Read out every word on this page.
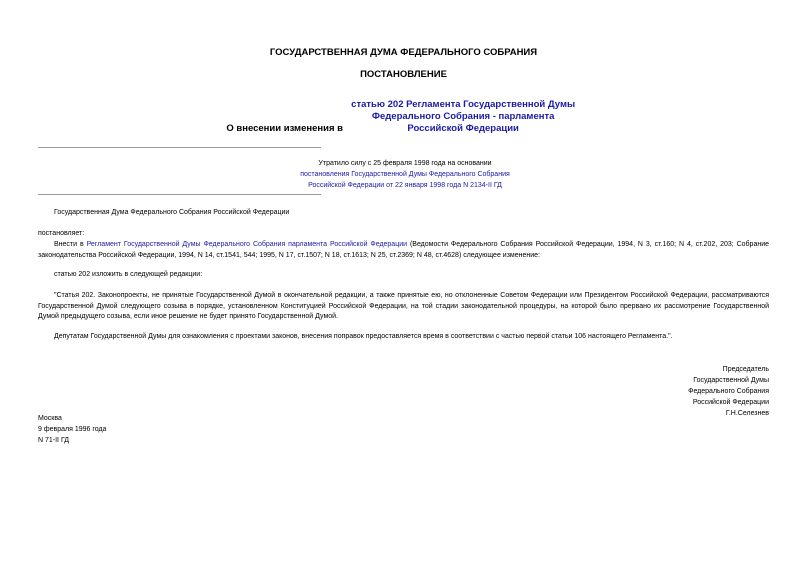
ГОСУДАРСТВЕННАЯ ДУМА ФЕДЕРАЛЬНОГО СОБРАНИЯ
ПОСТАНОВЛЕНИЕ
О внесении изменения в статью 202 Регламента Государственной Думы Федерального Собрания - парламента Российской Федерации
Утратило силу с 25 февраля 1998 года на основании
постановления Государственной Думы Федерального Собрания Российской Федерации от 22 января 1998 года N 2134-II ГД
Государственная Дума Федерального Собрания Российской Федерации
постановляет:
Внести в Регламент Государственной Думы Федерального Собрания парламента Российской Федерации (Ведомости Федерального Собрания Российской Федерации, 1994, N 3, ст.160; N 4, ст.202, 203; Собрание законодательства Российской Федерации, 1994, N 14, ст.1541, 544; 1995, N 17, ст.1507; N 18, ст.1613; N 25, ст.2369; N 48, ст.4628) следующее изменение:
статью 202 изложить в следующей редакции:
"Статья 202. Законопроекты, не принятые Государственной Думой в окончательной редакции, а также принятые ею, но отклоненные Советом Федерации или Президентом Российской Федерации, рассматриваются Государственной Думой следующего созыва в порядке, установленном Конституцией Российской Федерации, на той стадии законодательной процедуры, на которой было прервано их рассмотрение Государственной Думой предыдущего созыва, если иное решение не будет принято Государственной Думой.
Депутатам Государственной Думы для ознакомления с проектами законов, внесения поправок предоставляется время в соответствии с частью первой статьи 106 настоящего Регламента.".
Председатель
Государственной Думы
Федерального Собрания
Российской Федерации
Г.Н.Селезнев
Москва
9 февраля 1996 года
N 71-II ГД
